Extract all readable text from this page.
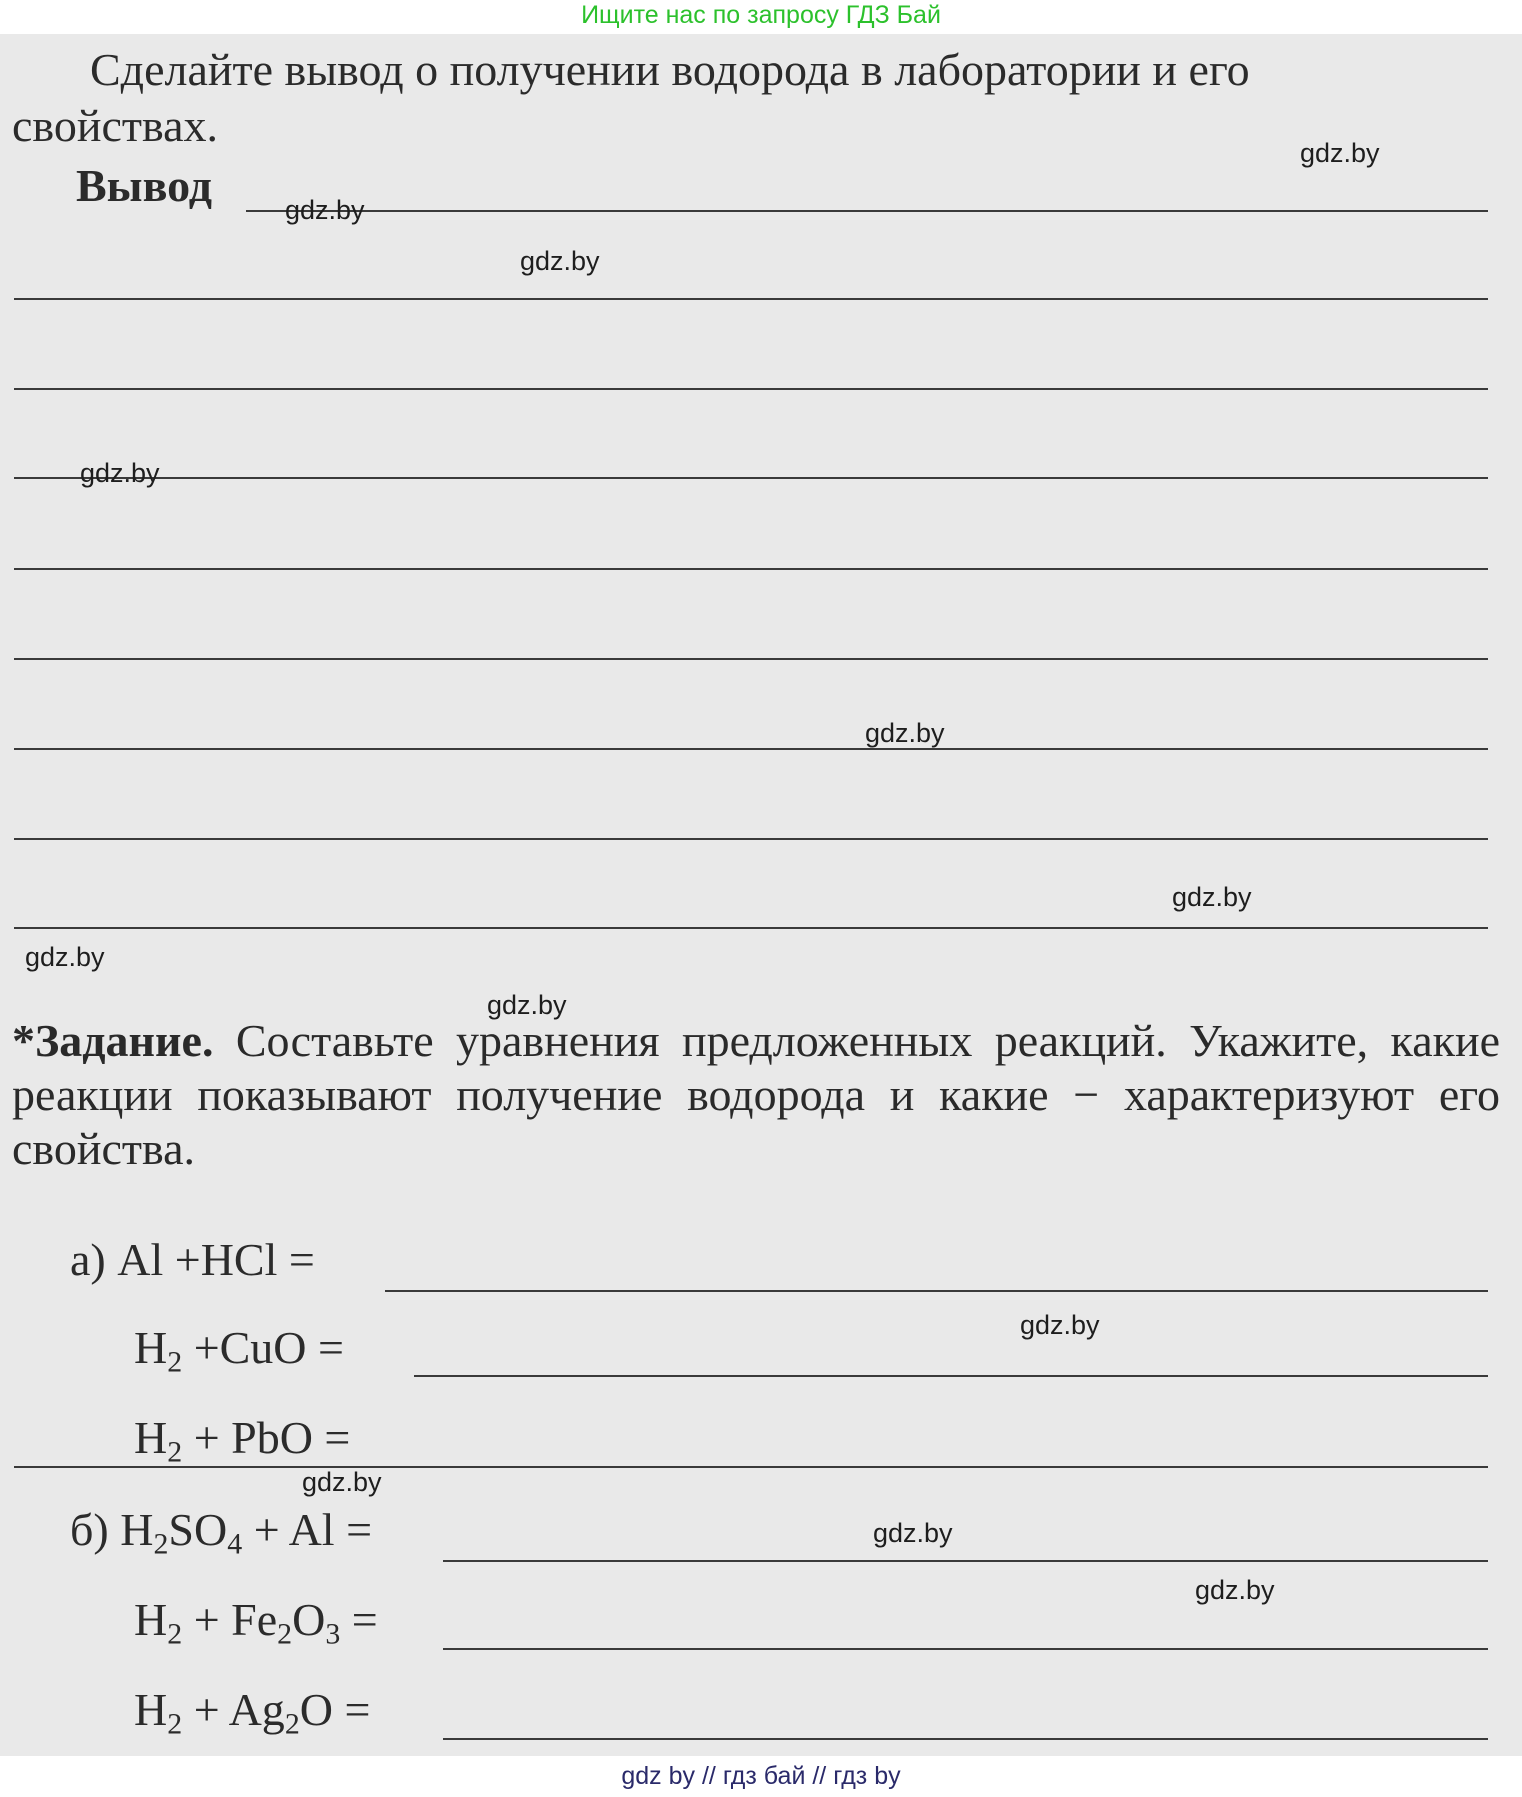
Ищите нас по запросу ГДЗ Бай
Сделайте вывод о получении водорода в лаборатории и его
свойствах.
Вывод
gdz.by
gdz.by
gdz.by
gdz.by
gdz.by
gdz.by
gdz.by
gdz.by
*Задание. Составьте уравнения предложенных реакций. Укажите, какие реакции показывают получение водорода и какие − характеризуют его свойства.
а) Al +HCl =
$H_2 +CuO$ =
$H_2$ + PbO =
gdz.by
gdz.by
б) $H_2SO_4 + Al$ =	gdz.by
gdz.by
$H_2 + Fe_2O_3$ =
$H_2 + Ag_2O$ =
gdz by // гдз бай // гдз by
